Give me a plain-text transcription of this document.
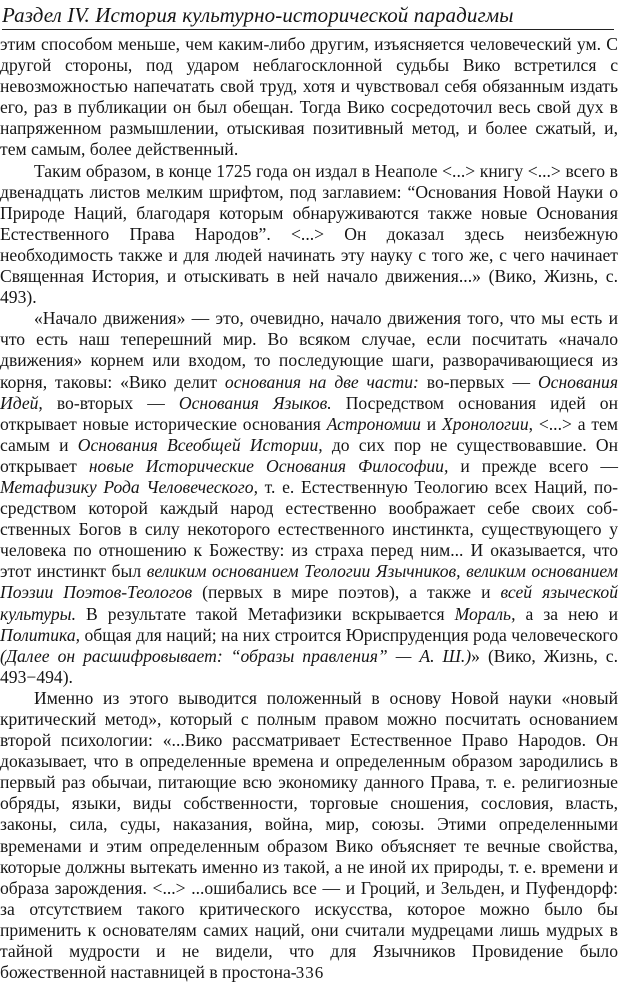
Раздел IV. История культурно-исторической парадигмы

этим способом меньше, чем каким-либо другим, изъясняется человеческий ум. С другой стороны, под ударом неблагосклонной судьбы Вико встретился с невозможностью напечатать свой труд, хотя и чувствовал себя обязанным издать его, раз в публикации он был обещан. Тогда Вико сосредоточил весь свой дух в напряженном размышлении, отыскивая позитивный метод, и более сжатый, и, тем самым, более действенный.

Таким образом, в конце 1725 года он издал в Неаполе <...> книгу <...> всего в двенадцать листов мелким шрифтом, под заглавием: “Основания Новой Науки о Природе Наций, благодаря которым обнаруживаются также новые Основания Естественного Права Народов”. <...> Он доказал здесь неизбежную необходимость также и для людей начинать эту науку с того же, с чего начинает Священная История, и отыскивать в ней начало движения...» (Вико, Жизнь, с. 493).

«Начало движения» — это, очевидно, начало движения того, что мы есть и что есть наш теперешний мир. Во всяком случае, если посчитать «начало движения» корнем или входом, то последующие шаги, разворачивающиеся из корня, таковы: «Вико делит основания на две части: во-первых — Основания Идей, во-вторых — Основания Языков. Посредством основания идей он открывает новые исторические основания Астрономии и Хронологии, <...> а тем самым и Основания Всеобщей Истории, до сих пор не существовавшие. Он открывает новые Исторические Основания Философии, и прежде всего — Метафизику Рода Человеческого, т. е. Естественную Теологию всех Наций, посредством которой каждый народ естественно воображает себе своих собственных Богов в силу некоторого естественного инстинкта, существующего у человека по отношению к Божеству: из страха перед ним... И оказывается, что этот инстинкт был великим основанием Теологии Язычников, великим основанием Поэзии Поэтов-Теологов (первых в мире поэтов), а также и всей языческой культуры. В результате такой Метафизики вскрывается Мораль, а за нею и Политика, общая для наций; на них строится Юриспруденция рода человеческого (Далее он расшифровывает: “образы правления” — А. Ш.)» (Вико, Жизнь, с. 493−494).

Именно из этого выводится положенный в основу Новой науки «новый критический метод», который с полным правом можно посчитать основанием второй психологии: «...Вико рассматривает Естественное Право Народов. Он доказывает, что в определенные времена и определенным образом зародились в первый раз обычаи, питающие всю экономику данного Права, т. е. религиозные обряды, языки, виды собственности, торговые сношения, сословия, власть, законы, сила, суды, наказания, война, мир, союзы. Этими определенными временами и этим определенным образом Вико объясняет те вечные свойства, которые должны вытекать именно из такой, а не иной их природы, т. е. времени и образа зарождения. <...> ...ошибались все — и Гроций, и Зельден, и Пуфендорф: за отсутствием такого критического искусства, которое можно было бы применить к основателям самих наций, они считали мудрецами лишь мудрых в тайной мудрости и не видели, что для Язычников Провидение было божественной наставницей в простона- 336
